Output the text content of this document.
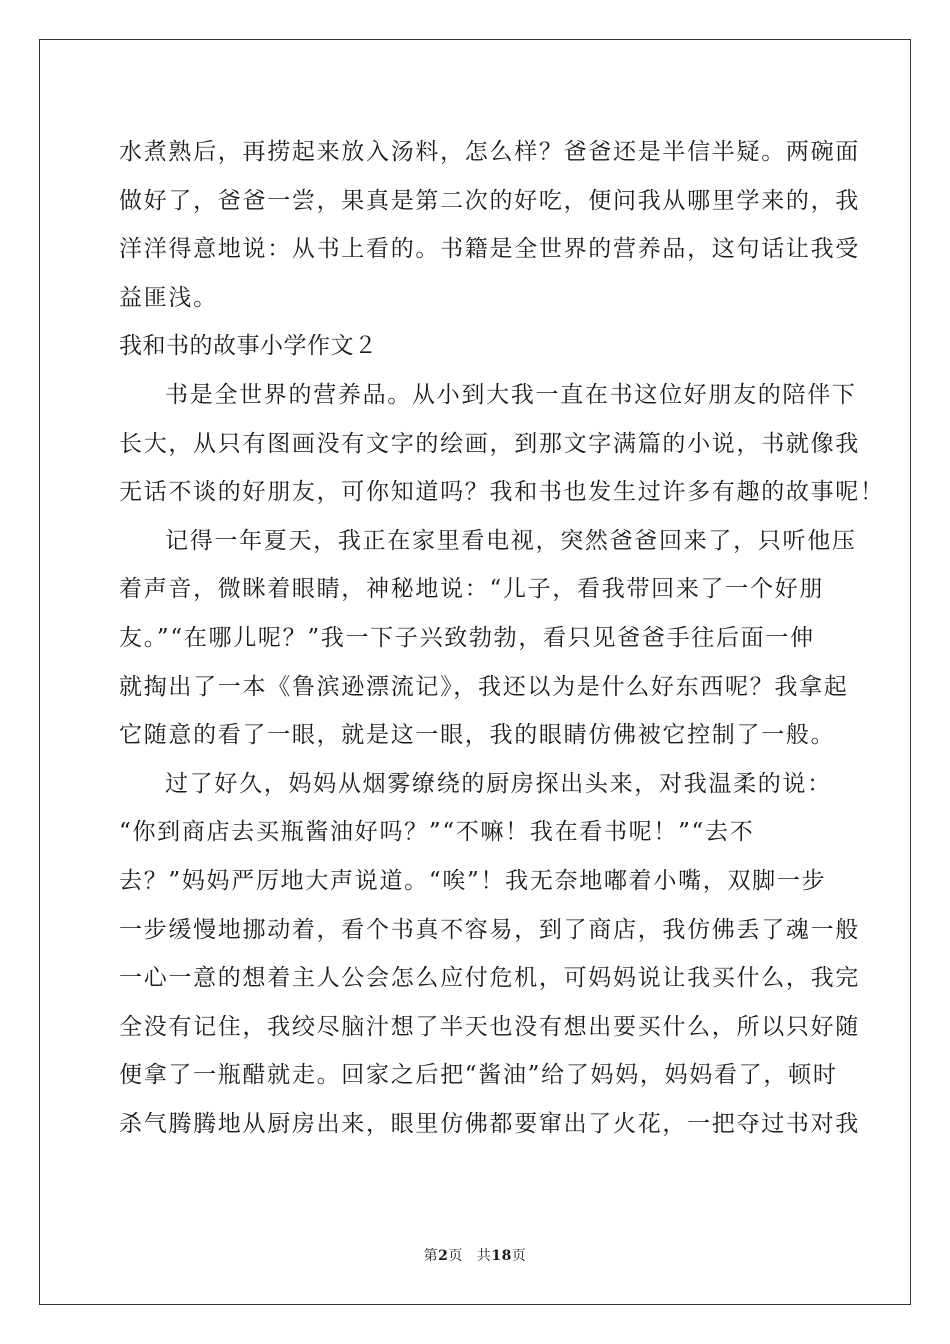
水煮熟后，再捞起来放入汤料，怎么样？爸爸还是半信半疑。两碗面
做好了，爸爸一尝，果真是第二次的好吃，便问我从哪里学来的，我
洋洋得意地说：从书上看的。书籍是全世界的营养品，这句话让我受
益匪浅。
我和书的故事小学作文２
书是全世界的营养品。从小到大我一直在书这位好朋友的陪伴下
长大，从只有图画没有文字的绘画，到那文字满篇的小说，书就像我
无话不谈的好朋友，可你知道吗？我和书也发生过许多有趣的故事呢！
记得一年夏天，我正在家里看电视，突然爸爸回来了，只听他压
着声音，微眯着眼睛，神秘地说：“儿子，看我带回来了一个好朋
友。”“在哪儿呢？”我一下子兴致勃勃，看只见爸爸手往后面一伸
就掏出了一本《鲁滨逊漂流记》，我还以为是什么好东西呢？我拿起
它随意的看了一眼，就是这一眼，我的眼睛仿佛被它控制了一般。
过了好久，妈妈从烟雾缭绕的厨房探出头来，对我温柔的说：
“你到商店去买瓶酱油好吗？”“不嘛！我在看书呢！”“去不
去？”妈妈严厉地大声说道。“唉”！我无奈地嘟着小嘴，双脚一步
一步缓慢地挪动着，看个书真不容易，到了商店，我仿佛丢了魂一般
一心一意的想着主人公会怎么应付危机，可妈妈说让我买什么，我完
全没有记住，我绞尽脑汁想了半天也没有想出要买什么，所以只好随
便拿了一瓶醋就走。回家之后把“酱油”给了妈妈，妈妈看了，顿时
杀气腾腾地从厨房出来，眼里仿佛都要窜出了火花，一把夺过书对我
第2页 共18页
